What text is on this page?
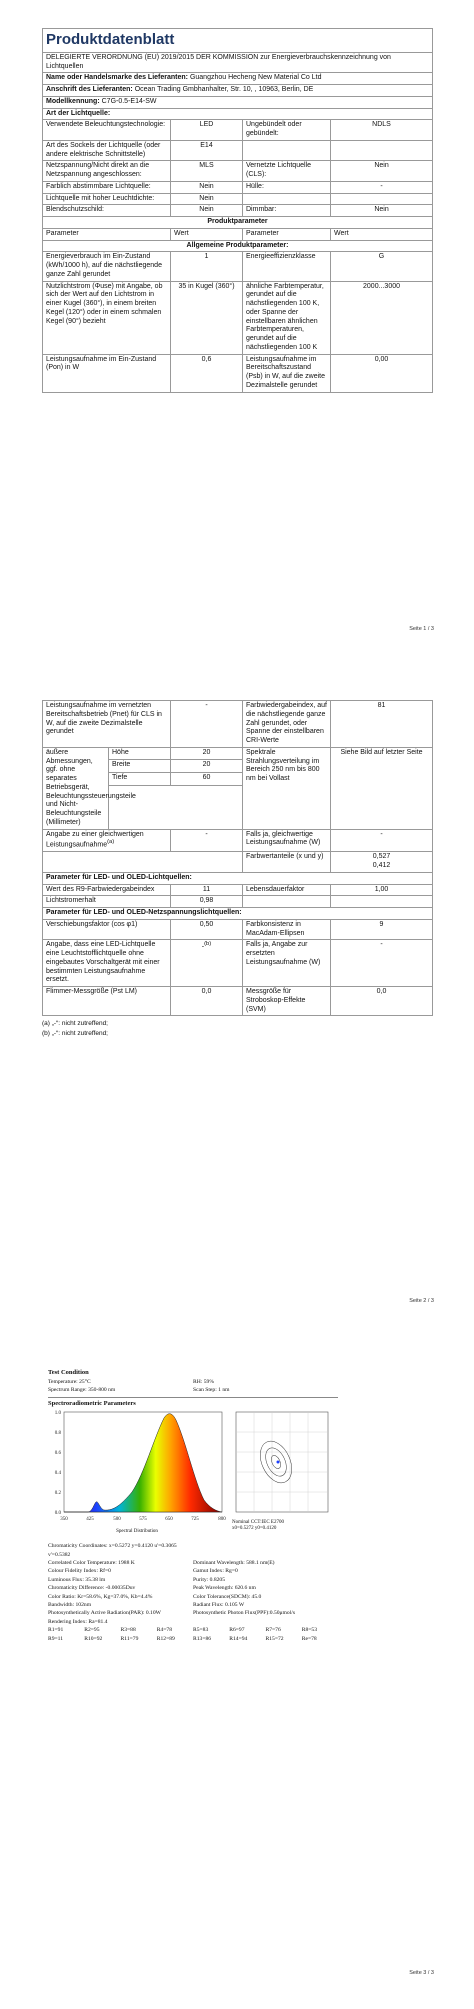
Produktdatenblatt			
DELEGIERTE VERORDNUNG (EU) 2019/2015 DER KOMMISSION zur Energieverbrauchskennzeichnung von Lichtquellen			
Name oder Handelsmarke des Lieferanten: Guangzhou Hecheng New Material Co Ltd			
Anschrift des Lieferanten: Ocean Trading Gmbhanhalter, Str. 10, , 10963, Berlin, DE			
Modellkennung: C7G-0.5-E14-SW			
Art der Lichtquelle:			
Verwendete Beleuchtungstechnologie:	LED	Ungebündelt oder gebündelt:	NDLS
Art des Sockels der Lichtquelle (oder andere elektrische Schnittstelle)	E14		
Netzspannung/Nicht direkt an die Netzspannung angeschlossen:	MLS	Vernetzte Lichtquelle (CLS):	Nein
Farblich abstimmbare Lichtquelle:	Nein	Hülle:	-
Lichtquelle mit hoher Leuchtdichte:	Nein		
Blendschutzschild:	Nein	Dimmbar:	Nein
Produktparameter			
Parameter	Wert	Parameter	Wert
Allgemeine Produktparameter:			
Energieverbrauch im Ein-Zustand (kWh/1000 h), auf die nächstliegende ganze Zahl gerundet	1	Energieeffizienzklasse	G
Nutzlichtstrom (Φuse) mit Angabe, ob sich der Wert auf den Lichtstrom in einer Kugel (360°), in einem breiten Kegel (120°) oder in einem schmalen Kegel (90°) bezieht	35 in Kugel (360°)	ähnliche Farbtemperatur, gerundet auf die nächstliegenden 100 K, oder Spanne der einstellbaren ähnlichen Farbtemperaturen, gerundet auf die nächstliegenden 100 K	2000...3000
Leistungsaufnahme im Ein-Zustand (Pon) in W	0,6	Leistungsaufnahme im Bereitschaftszustand (Psb) in W, auf die zweite Dezimalstelle gerundet	0,00
Seite 1 / 3
Leistungsaufnahme im vernetzten Bereitschaftsbetrieb (Pnet) für CLS in W, auf die zweite Dezimalstelle gerundet		-	Farbwiedergabeindex, auf die nächstliegende ganze Zahl gerundet, oder Spanne der einstellbaren CRI-Werte	81
äußere Abmessungen, ggf. ohne separates Betriebsgerät, Beleuchtungssteuerungsteile und Nicht-Beleuchtungsteile (Millimeter)	Höhe	20	Spektrale Strahlungsverteilung im Bereich 250 nm bis 800 nm bei Vollast	Siehe Bild auf letzter Seite
	Breite	20		
	Tiefe	60		

Angabe zu einer gleichwertigen Leistungsaufnahme$^{(a)}$		-	Falls ja, gleichwertige Leistungsaufnahme (W)	-
			Farbwertanteile (x und y)	0,527
0,412

Parameter für LED- und OLED-Lichtquellen:				
Wert des R9-Farbwiedergabeindex		11	Lebensdauerfaktor	1,00
Lichtstromerhalt		0,98		
Parameter für LED- und OLED-Netzspannungslichtquellen:				
Verschiebungsfaktor (cos φ1)		0,50	Farbkonsistenz in MacAdam-Ellipsen	9
Angabe, dass eine LED-Lichtquelle eine Leuchtstofflichtquelle ohne eingebautes Vorschaltgerät mit einer bestimmten Leistungsaufnahme ersetzt.		-$^{(b)}$	Falls ja, Angabe zur ersetzten Leistungsaufnahme (W)	-
Flimmer-Messgröße (Pst LM)		0,0	Messgröße für Stroboskop-Effekte (SVM)	0,0
(a) „-“: nicht zutreffend;
(b) „-“: nicht zutreffend;
Seite 2 / 3
Seite 3 / 3
Test Condition
Temperature: 25°C	RH: 59%
Spectrum Range: 350-800 nm	Scan Step: 1 nm
Spectroradiometric Parameters
1.0
0.8
0.6
0.4
0.2
0.0
350	425	500	575	650	725	800
Spectral Distribution
Nominal CCT:IEC E2700
x0=0.5272 y0=0.4120
Chromaticity Coordinates: x=0.5272 y=0.4120 u'=0.3065 v'=0.5382
Correlated Color Temperature: 1988 K	Dominant Wavelength: 588.1 nm(E)
Colour Fidelity Index: Rf=0	Gamut Index: Rg=0
Luminous Flux: 35.38 lm	Purity: 0.8205
Chromaticity Difference: -0.00035Duv	Peak Wavelength: 620.6 nm
Color Ratio: Kr=58.6%, Kg=37.0%, Kb=4.4%	Color Tolerance(SDCM): 45.0
Bandwidth: 102nm	Radiant Flux: 0.105 W
Photosynthetically Active Radiation(PAR): 0.10W	Photosynthetic Photon Flux(PPF):0.50μmol/s
Rendering Index: Ra=81.4
R1=91	R2=95	R3=88	R4=78	R5=83	R6=97	R7=76	R8=53
R9=11	R10=92	R11=79	R12=89	R13=86	R14=94	R15=72	Re=78
